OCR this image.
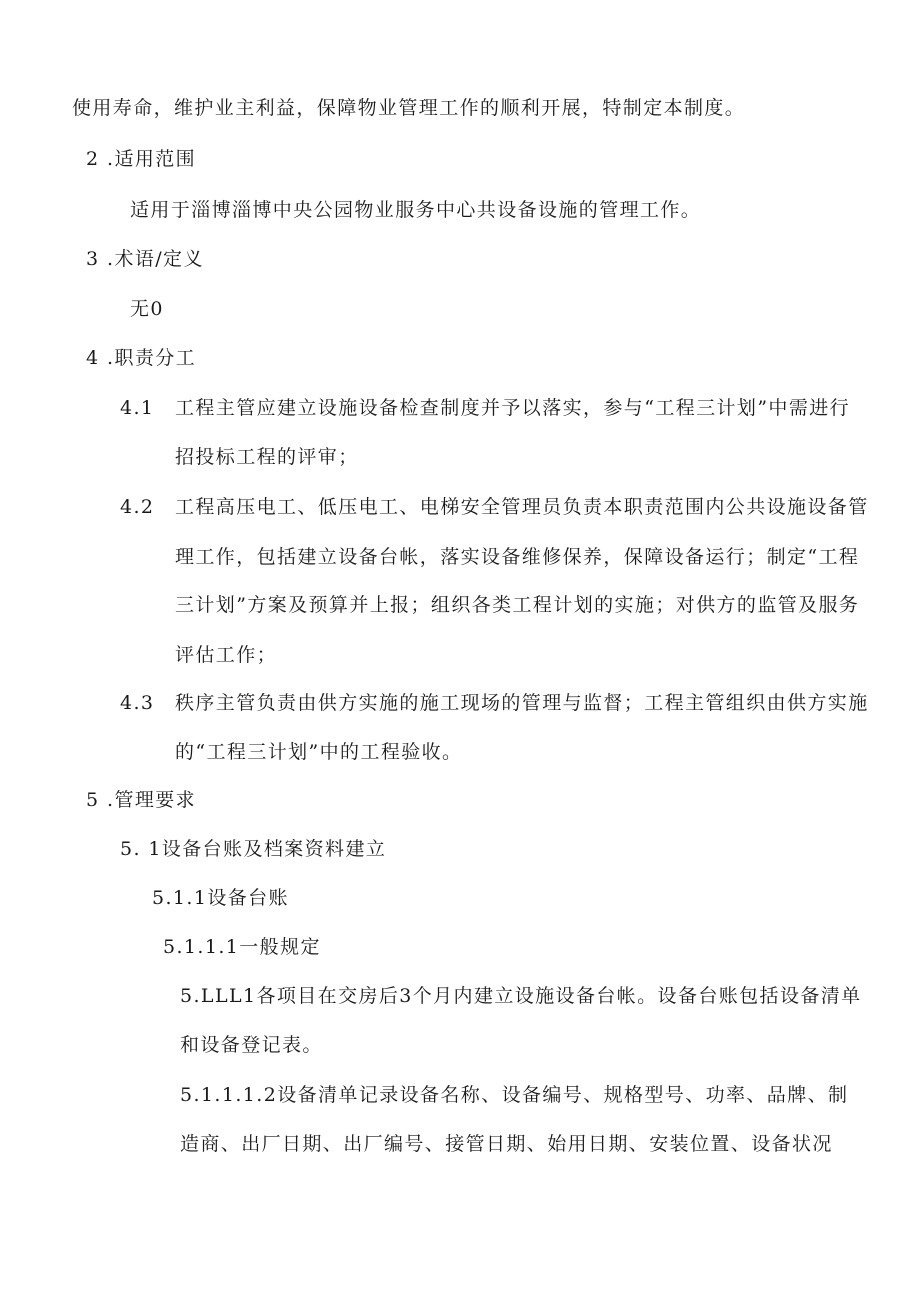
使用寿命，维护业主利益，保障物业管理工作的顺利开展，特制定本制度。
2 .适用范围
适用于淄博淄博中央公园物业服务中心共设备设施的管理工作。
3 .术语/定义
无0
4 .职责分工
4.1 工程主管应建立设施设备检查制度并予以落实，参与“工程三计划”中需进行
招投标工程的评审；
4.2 工程高压电工、低压电工、电梯安全管理员负责本职责范围内公共设施设备管
理工作，包括建立设备台帐，落实设备维修保养，保障设备运行；制定“工程
三计划”方案及预算并上报；组织各类工程计划的实施；对供方的监管及服务
评估工作；
4.3 秩序主管负责由供方实施的施工现场的管理与监督；工程主管组织由供方实施
的“工程三计划”中的工程验收。
5 .管理要求
5. 1设备台账及档案资料建立
5.1.1设备台账
5.1.1.1一般规定
5.LLL1各项目在交房后3个月内建立设施设备台帐。设备台账包括设备清单
和设备登记表。
5.1.1.1.2设备清单记录设备名称、设备编号、规格型号、功率、品牌、制
造商、出厂日期、出厂编号、接管日期、始用日期、安装位置、设备状况
